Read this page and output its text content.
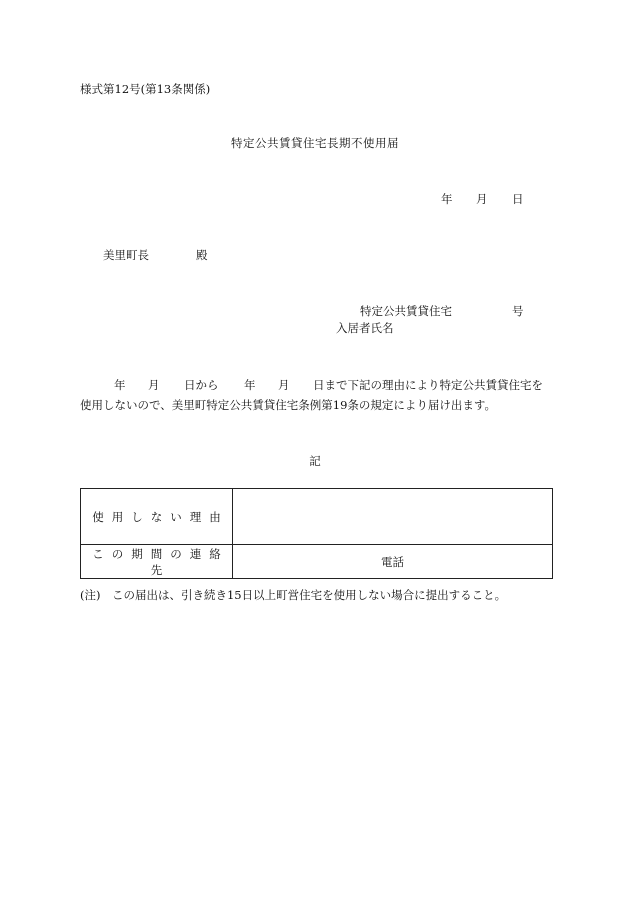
様式第12号(第13条関係)
特定公共賃貸住宅長期不使用届
年 月 日
美里町長	殿
特定公共賃貸住宅	号
入居者氏名
年 月 日から 年 月 日まで下記の理由により特定公共賃貸住宅を
使用しないので、美里町特定公共賃貸住宅条例第19条の規定により届け出ます。
記
使用しない理由	
この期間の連絡先	電話
(注)　この届出は、引き続き15日以上町営住宅を使用しない場合に提出すること。
